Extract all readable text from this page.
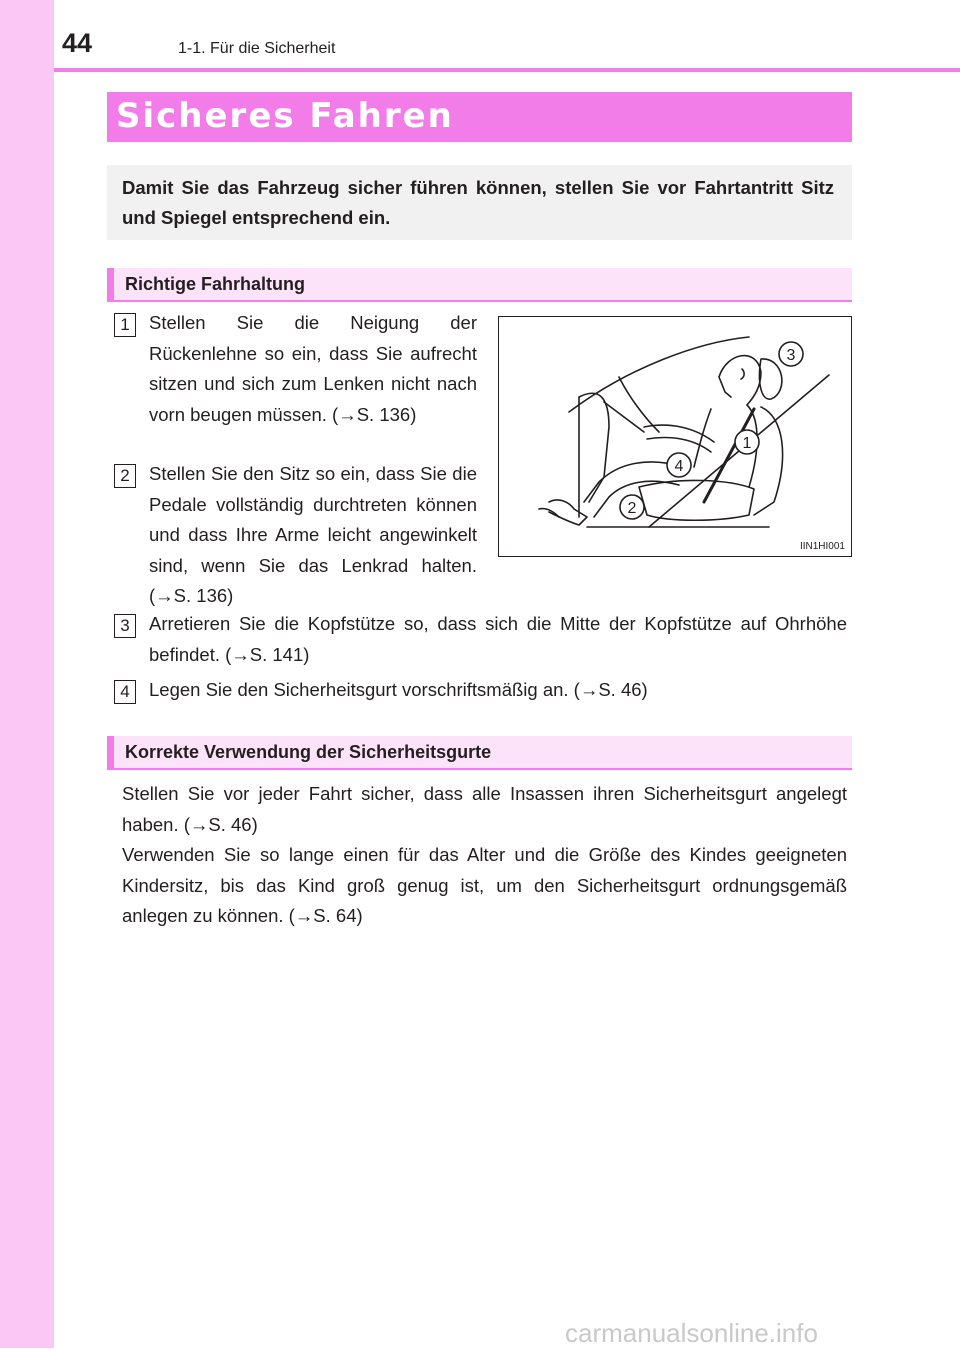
44	1-1. Für die Sicherheit
Sicheres Fahren
Damit Sie das Fahrzeug sicher führen können, stellen Sie vor Fahrtantritt Sitz und Spiegel entsprechend ein.
Richtige Fahrhaltung
1	Stellen Sie die Neigung der Rückenlehne so ein, dass Sie aufrecht sitzen und sich zum Lenken nicht nach vorn beugen müssen. (→S. 136)
2	Stellen Sie den Sitz so ein, dass Sie die Pedale vollständig durchtreten können und dass Ihre Arme leicht angewinkelt sind, wenn Sie das Lenkrad halten. (→S. 136)
1
2
3
4
IIN1HI001
3	Arretieren Sie die Kopfstütze so, dass sich die Mitte der Kopfstütze auf Ohrhöhe befindet. (→S. 141)
4	Legen Sie den Sicherheitsgurt vorschriftsmäßig an. (→S. 46)
Korrekte Verwendung der Sicherheitsgurte
Stellen Sie vor jeder Fahrt sicher, dass alle Insassen ihren Sicherheitsgurt angelegt haben. (→S. 46)
Verwenden Sie so lange einen für das Alter und die Größe des Kindes geeigneten Kindersitz, bis das Kind groß genug ist, um den Sicherheitsgurt ordnungsgemäß anlegen zu können. (→S. 64)
carmanualsonline.info
